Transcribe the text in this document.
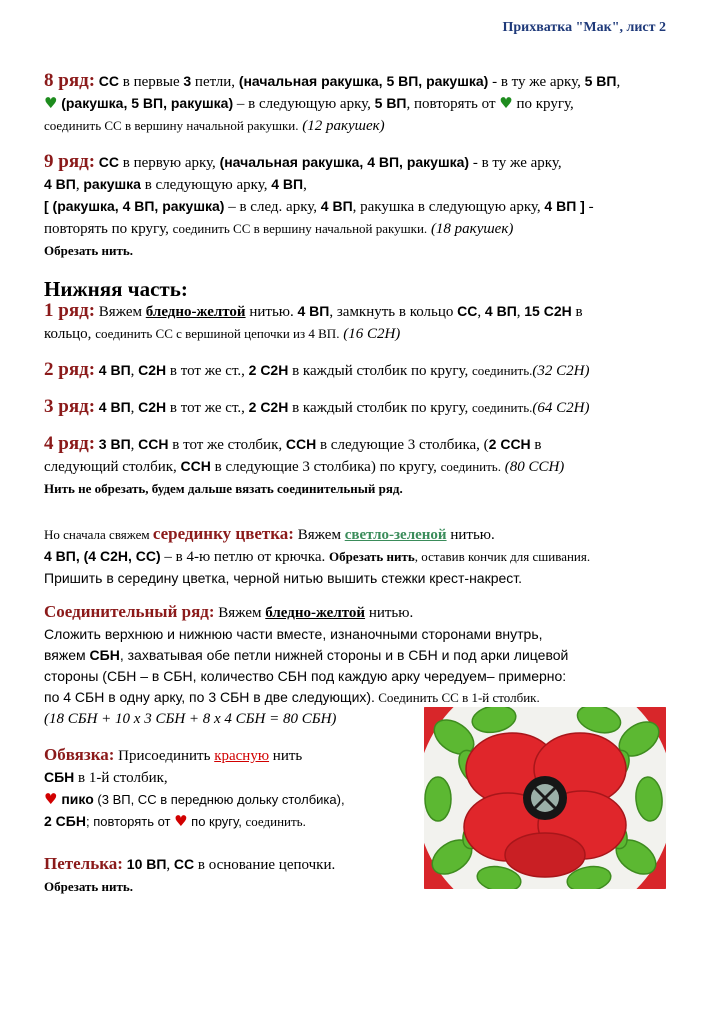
Прихватка "Мак", лист 2

8 ряд: СС в первые 3 петли, (начальная ракушка, 5 ВП, ракушка) - в ту же арку, 5 ВП,

♥ (ракушка, 5 ВП, ракушка) – в следующую арку, 5 ВП, повторять от ♥ по кругу,

соединить СС в вершину начальной ракушки. (12 ракушек)

9 ряд: СС в первую арку, (начальная ракушка, 4 ВП, ракушка) - в ту же арку,

4 ВП, ракушка в следующую арку, 4 ВП,

[ (ракушка, 4 ВП, ракушка) – в след. арку, 4 ВП, ракушка в следующую арку, 4 ВП ] -

повторять по кругу, соединить СС в вершину начальной ракушки. (18 ракушек)

Обрезать нить.

Нижняя часть:

1 ряд: Вяжем бледно-желтой нитью. 4 ВП, замкнуть в кольцо СС, 4 ВП, 15 С2Н в

кольцо, соединить СС с вершиной цепочки из 4 ВП. (16 С2Н)

2 ряд: 4 ВП, С2Н в тот же ст., 2 С2Н в каждый столбик по кругу, соединить.(32 С2Н)

3 ряд: 4 ВП, С2Н в тот же ст., 2 С2Н в каждый столбик по кругу, соединить.(64 С2Н)

4 ряд: 3 ВП, ССН в тот же столбик, ССН в следующие 3 столбика, (2 ССН в

следующий столбик, ССН в следующие 3 столбика) по кругу, соединить. (80 ССН)

Нить не обрезать, будем дальше вязать соединительный ряд.

Но сначала свяжем серединку цветка: Вяжем светло-зеленой нитью.

4 ВП, (4 С2Н, СС) – в 4-ю петлю от крючка. Обрезать нить, оставив кончик для сшивания.

Пришить в середину цветка, черной нитью вышить стежки крест-накрест.

Соединительный ряд: Вяжем бледно-желтой нитью.

Сложить верхнюю и нижнюю части вместе, изнаночными сторонами внутрь,

вяжем СБН, захватывая обе петли нижней стороны и в СБН и под арки лицевой

стороны (СБН – в СБН, количество СБН под каждую арку чередуем– примерно:

по 4 СБН в одну арку, по 3 СБН в две следующих). Соединить СС в 1-й столбик.

(18 СБН + 10 х 3 СБН + 8 х 4 СБН = 80 СБН)

Обвязка: Присоединить красную нить

СБН в 1-й столбик,

♥ пико (3 ВП, СС в переднюю дольку столбика),

2 СБН; повторять от ♥ по кругу, соединить.

Петелька: 10 ВП, СС в основание цепочки.

Обрезать нить.
